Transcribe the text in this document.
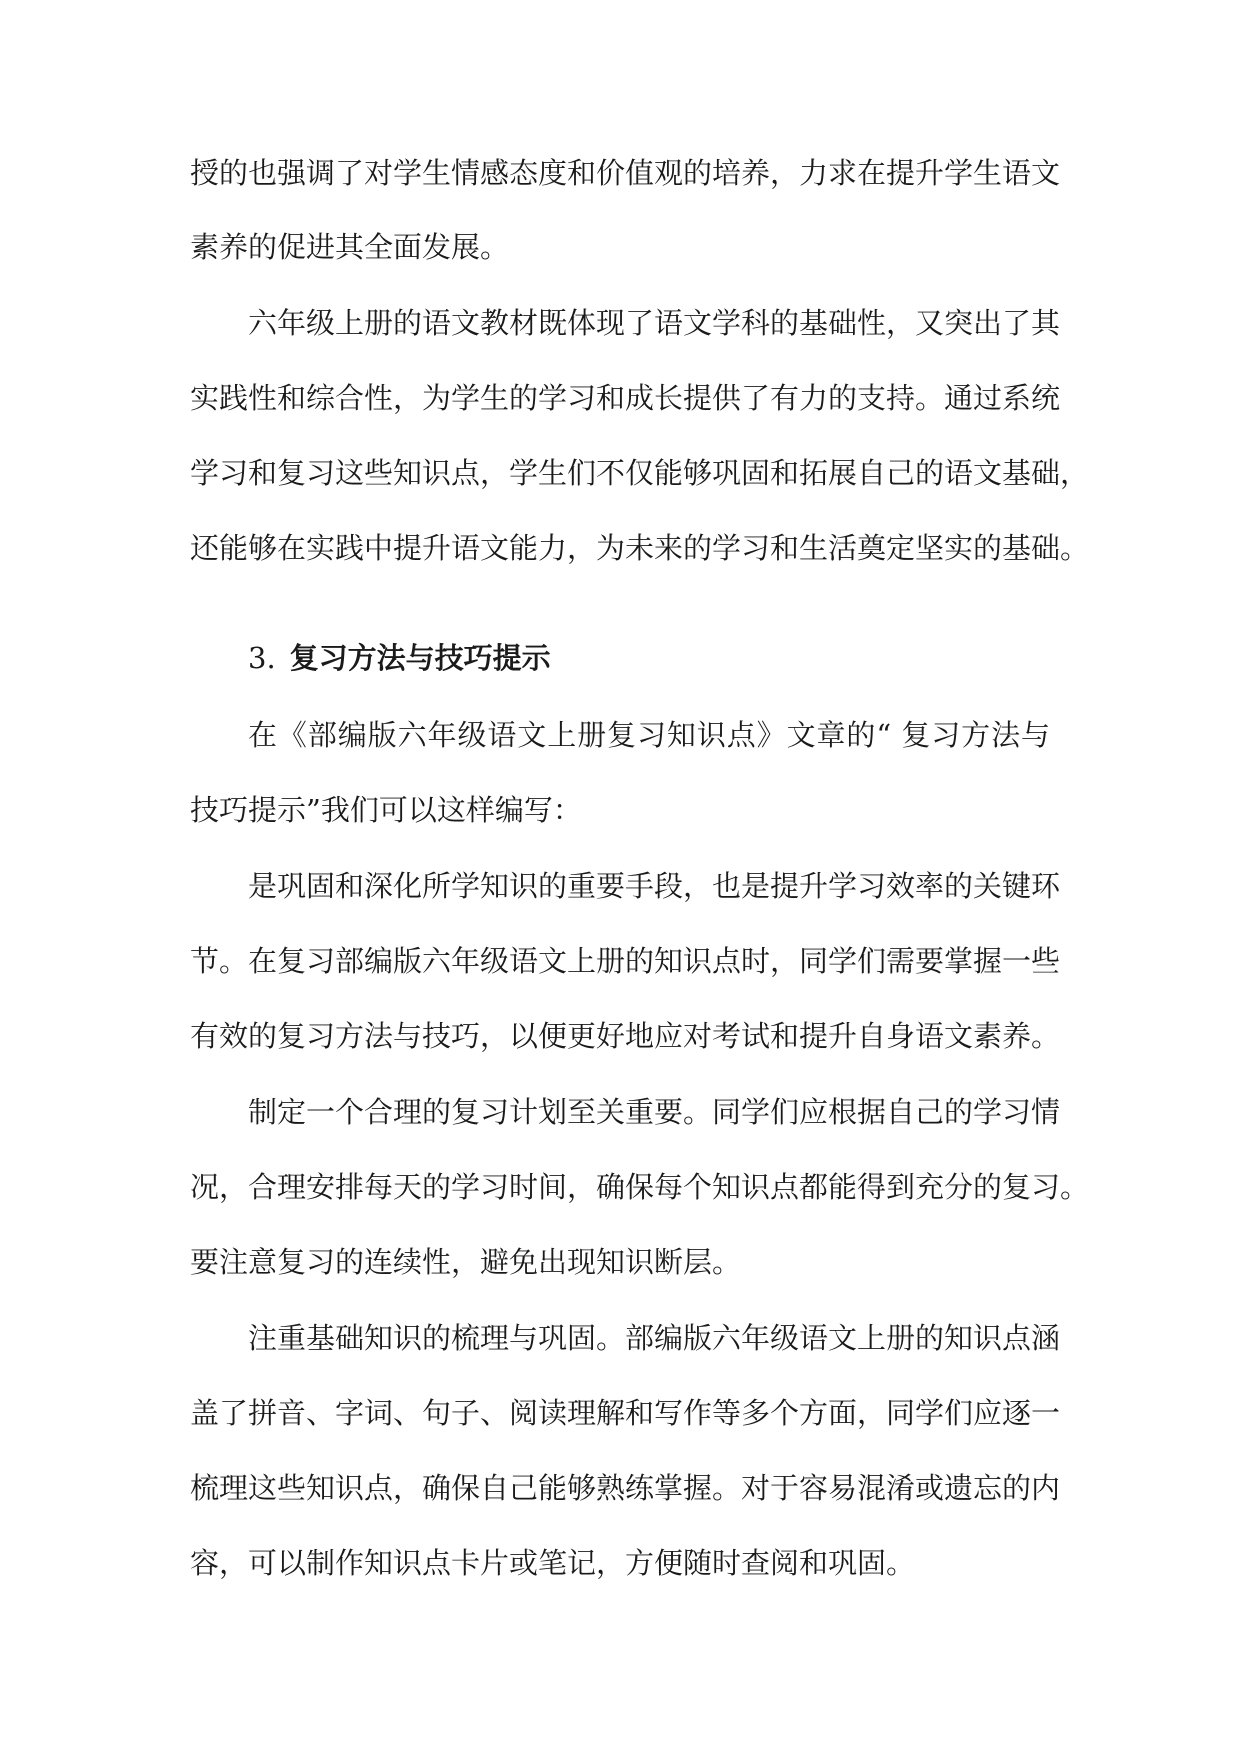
授的也强调了对学生情感态度和价值观的培养，力求在提升学生语文
素养的促进其全面发展。
六年级上册的语文教材既体现了语文学科的基础性，又突出了其
实践性和综合性，为学生的学习和成长提供了有力的支持。通过系统
学习和复习这些知识点，学生们不仅能够巩固和拓展自己的语文基础，
还能够在实践中提升语文能力，为未来的学习和生活奠定坚实的基础。
3. 复习方法与技巧提示
在《部编版六年级语文上册复习知识点》文章的“ 复习方法与
技巧提示”我们可以这样编写：
是巩固和深化所学知识的重要手段，也是提升学习效率的关键环
节。在复习部编版六年级语文上册的知识点时，同学们需要掌握一些
有效的复习方法与技巧，以便更好地应对考试和提升自身语文素养。
制定一个合理的复习计划至关重要。同学们应根据自己的学习情
况，合理安排每天的学习时间，确保每个知识点都能得到充分的复习。
要注意复习的连续性，避免出现知识断层。
注重基础知识的梳理与巩固。部编版六年级语文上册的知识点涵
盖了拼音、字词、句子、阅读理解和写作等多个方面，同学们应逐一
梳理这些知识点，确保自己能够熟练掌握。对于容易混淆或遗忘的内
容，可以制作知识点卡片或笔记，方便随时查阅和巩固。
